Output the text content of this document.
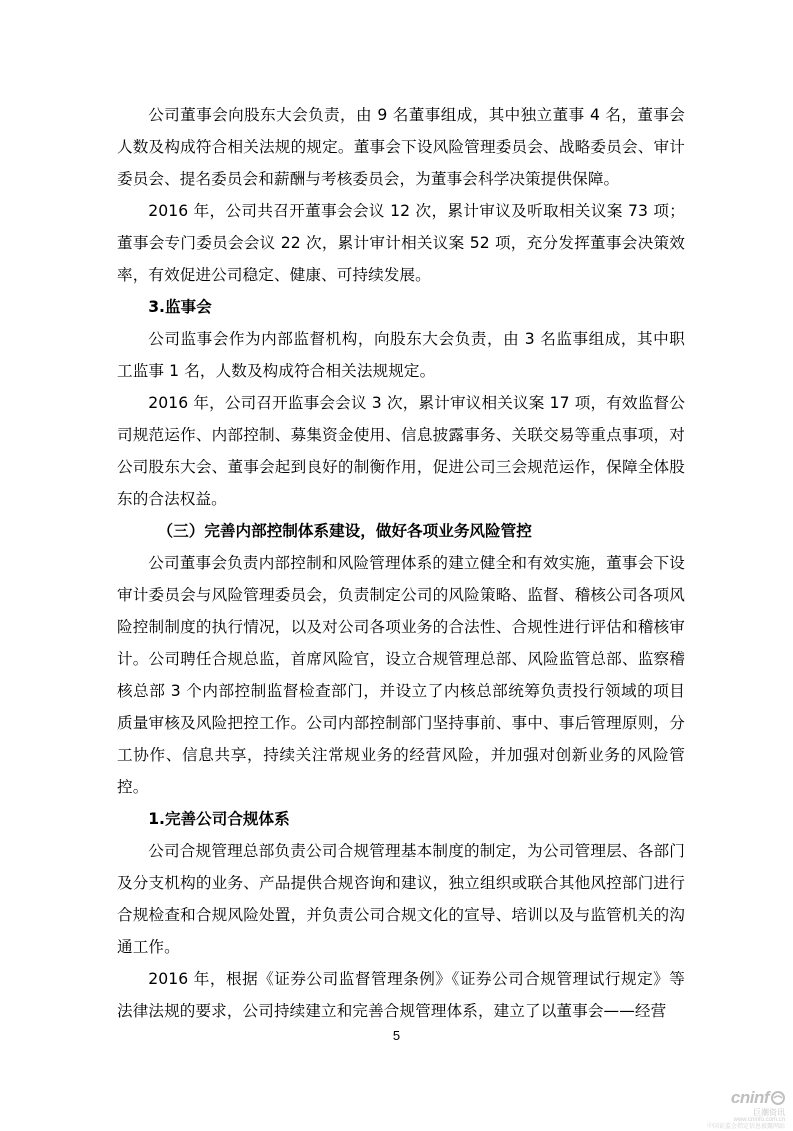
公司董事会向股东大会负责，由 9 名董事组成，其中独立董事 4 名，董事会人数及构成符合相关法规的规定。董事会下设风险管理委员会、战略委员会、审计委员会、提名委员会和薪酬与考核委员会，为董事会科学决策提供保障。

2016 年，公司共召开董事会会议 12 次，累计审议及听取相关议案 73 项；董事会专门委员会会议 22 次，累计审计相关议案 52 项，充分发挥董事会决策效率，有效促进公司稳定、健康、可持续发展。

3.监事会

公司监事会作为内部监督机构，向股东大会负责，由 3 名监事组成，其中职工监事 1 名，人数及构成符合相关法规规定。

2016 年，公司召开监事会会议 3 次，累计审议相关议案 17 项，有效监督公司规范运作、内部控制、募集资金使用、信息披露事务、关联交易等重点事项，对公司股东大会、董事会起到良好的制衡作用，促进公司三会规范运作，保障全体股东的合法权益。

（三）完善内部控制体系建设，做好各项业务风险管控

公司董事会负责内部控制和风险管理体系的建立健全和有效实施，董事会下设审计委员会与风险管理委员会，负责制定公司的风险策略、监督、稽核公司各项风险控制制度的执行情况，以及对公司各项业务的合法性、合规性进行评估和稽核审计。公司聘任合规总监，首席风险官，设立合规管理总部、风险监管总部、监察稽核总部 3 个内部控制监督检查部门，并设立了内核总部统筹负责投行领域的项目质量审核及风险把控工作。公司内部控制部门坚持事前、事中、事后管理原则，分工协作、信息共享，持续关注常规业务的经营风险，并加强对创新业务的风险管控。

1.完善公司合规体系

公司合规管理总部负责公司合规管理基本制度的制定，为公司管理层、各部门及分支机构的业务、产品提供合规咨询和建议，独立组织或联合其他风控部门进行合规检查和合规风险处置，并负责公司合规文化的宣导、培训以及与监管机关的沟通工作。

2016 年，根据《证券公司监督管理条例》《证券公司合规管理试行规定》等法律法规的要求，公司持续建立和完善合规管理体系，建立了以董事会——经营

5
cninf
巨潮资讯
www.cninfo.com.cn
中国证监会指定信息披露网站
